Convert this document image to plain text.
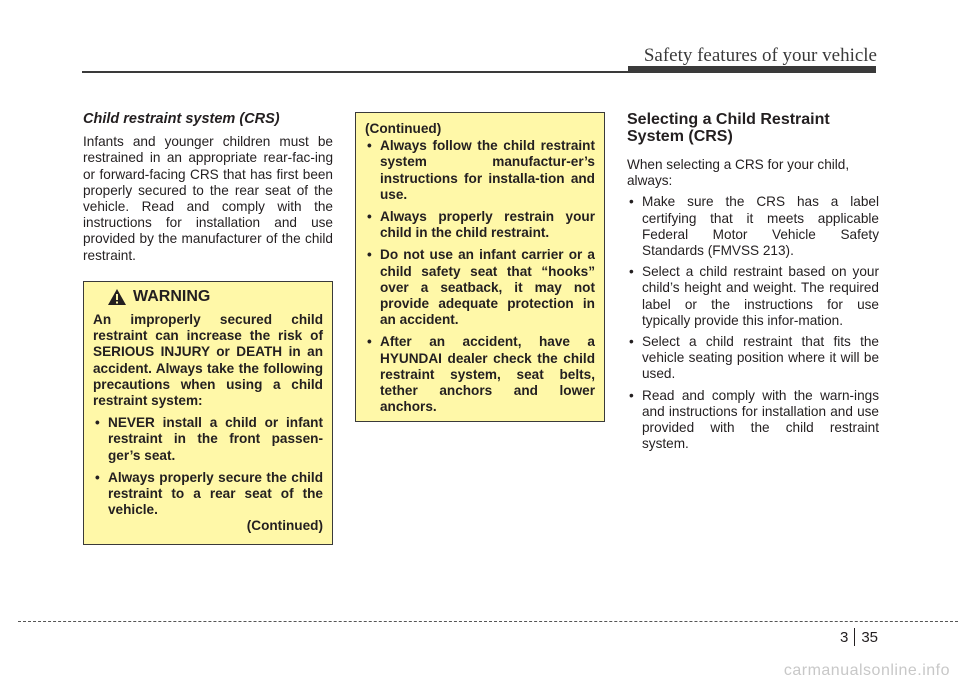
Safety features of your vehicle

Child restraint system (CRS)

Infants and younger children must be restrained in an appropriate rear-fac-ing or forward-facing CRS that has first been properly secured to the rear seat of the vehicle. Read and comply with the instructions for installation and use provided by the manufacturer of the child restraint.

WARNING

An improperly secured child restraint can increase the risk of SERIOUS INJURY or DEATH in an accident. Always take the following precautions when using a child restraint system:

• NEVER install a child or infant restraint in the front passen-ger’s seat.
• Always properly secure the child restraint to a rear seat of the vehicle.
(Continued)
(Continued)
• Always follow the child restraint system manufactur-er’s instructions for installa-tion and use.
• Always properly restrain your child in the child restraint.
• Do not use an infant carrier or a child safety seat that “hooks” over a seatback, it may not provide adequate protection in an accident.
• After an accident, have a HYUNDAI dealer check the child restraint system, seat belts, tether anchors and lower anchors.
Selecting a Child Restraint
System (CRS)

When selecting a CRS for your child, always:

• Make sure the CRS has a label certifying that it meets applicable Federal Motor Vehicle Safety Standards (FMVSS 213).
• Select a child restraint based on your child’s height and weight. The required label or the instructions for use typically provide this infor-mation.
• Select a child restraint that fits the vehicle seating position where it will be used.
• Read and comply with the warn-ings and instructions for installation and use provided with the child restraint system.
3 35
carmanualsonline.info
